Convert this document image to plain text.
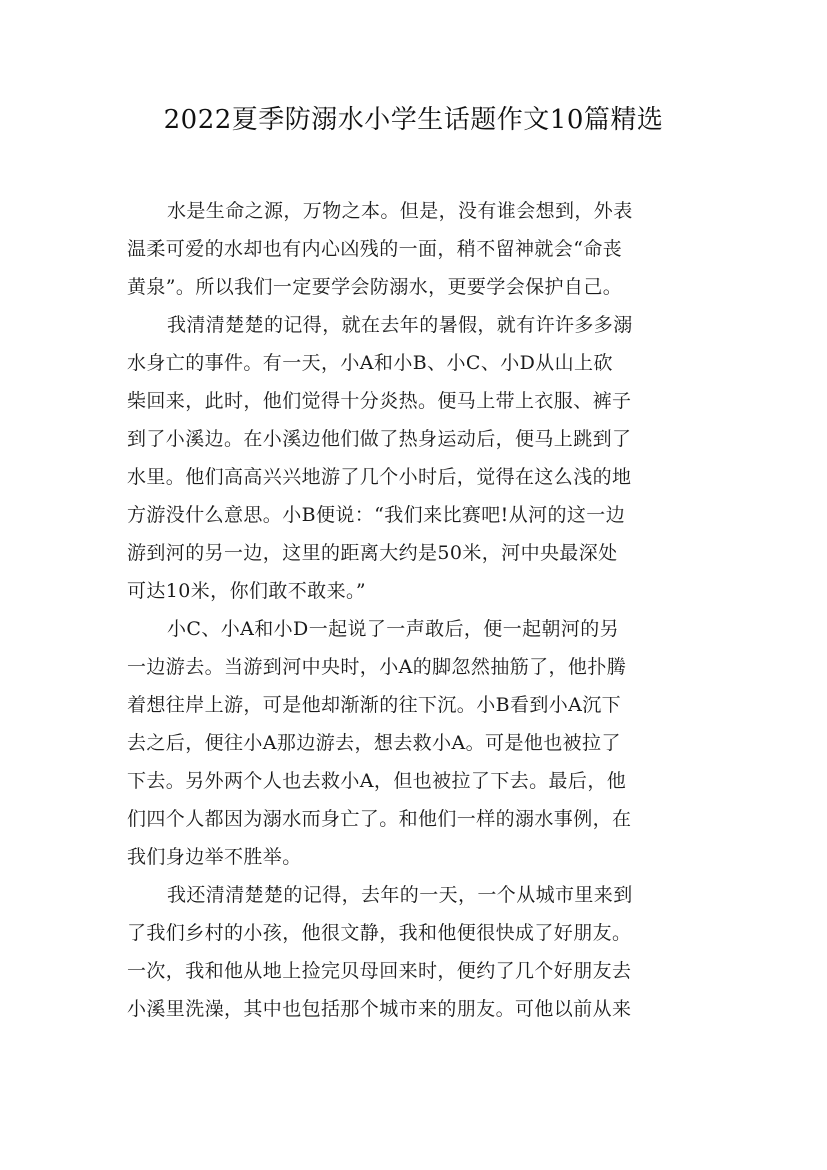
2022夏季防溺水小学生话题作文10篇精选
水是生命之源，万物之本。但是，没有谁会想到，外表
温柔可爱的水却也有内心凶残的一面，稍不留神就会“命丧
黄泉”。所以我们一定要学会防溺水，更要学会保护自己。
我清清楚楚的记得，就在去年的暑假，就有许许多多溺
水身亡的事件。有一天，小A和小B、小C、小D从山上砍
柴回来，此时，他们觉得十分炎热。便马上带上衣服、裤子
到了小溪边。在小溪边他们做了热身运动后，便马上跳到了
水里。他们高高兴兴地游了几个小时后，觉得在这么浅的地
方游没什么意思。小B便说：“我们来比赛吧!从河的这一边
游到河的另一边，这里的距离大约是50米，河中央最深处
可达10米，你们敢不敢来。”
小C、小A和小D一起说了一声敢后，便一起朝河的另
一边游去。当游到河中央时，小A的脚忽然抽筋了，他扑腾
着想往岸上游，可是他却渐渐的往下沉。小B看到小A沉下
去之后，便往小A那边游去，想去救小A。可是他也被拉了
下去。另外两个人也去救小A，但也被拉了下去。最后，他
们四个人都因为溺水而身亡了。和他们一样的溺水事例，在
我们身边举不胜举。
我还清清楚楚的记得，去年的一天，一个从城市里来到
了我们乡村的小孩，他很文静，我和他便很快成了好朋友。
一次，我和他从地上捡完贝母回来时，便约了几个好朋友去
小溪里洗澡，其中也包括那个城市来的朋友。可他以前从来
